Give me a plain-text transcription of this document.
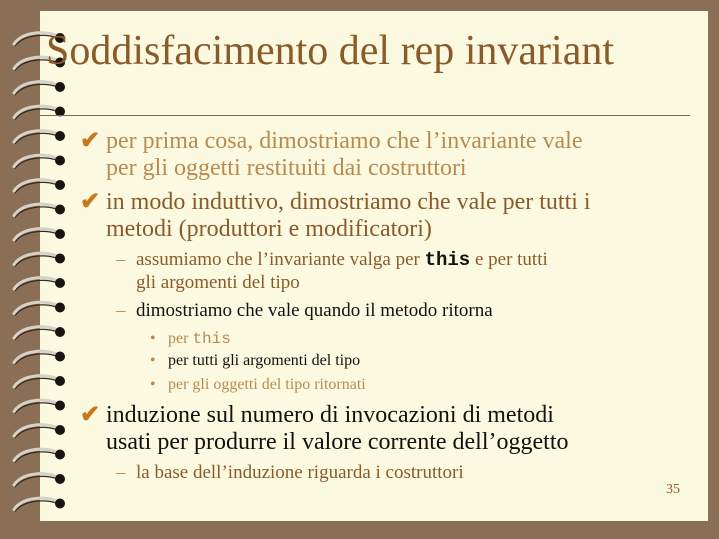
Soddisfacimento del rep invariant
✔ per prima cosa, dimostriamo che l’invariante vale
per gli oggetti restituiti dai costruttori
✔ in modo induttivo, dimostriamo che vale per tutti i
metodi (produttori e modificatori)
– assumiamo che l’invariante valga per this e per tutti
gli argomenti del tipo
– dimostriamo che vale quando il metodo ritorna
• per this
• per tutti gli argomenti del tipo
• per gli oggetti del tipo ritornati
✔ induzione sul numero di invocazioni di metodi
usati per produrre il valore corrente dell’oggetto
– la base dell’induzione riguarda i costruttori
35
